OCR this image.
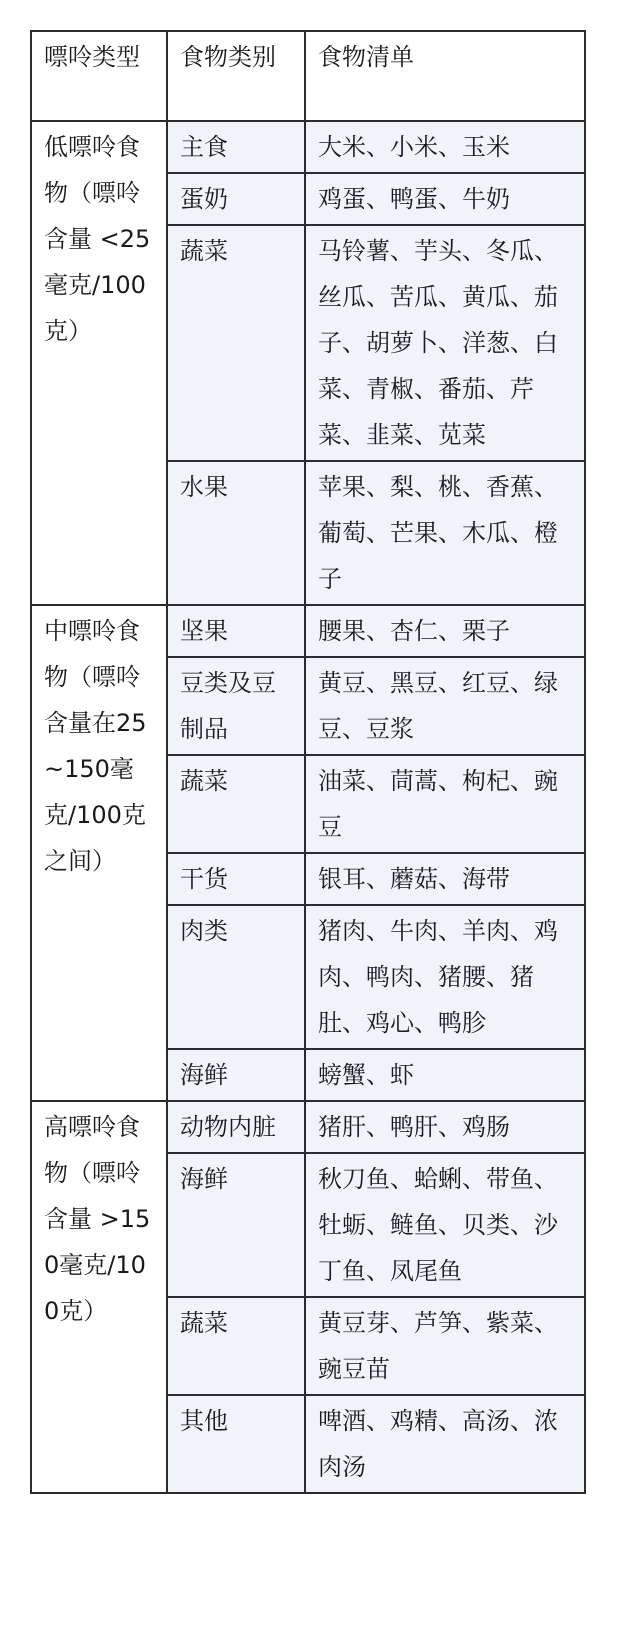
嘌呤类型	食物类别	食物清单
低嘌呤食物（嘌呤含量 <25毫克/100克）	主食	大米、小米、玉米
	蛋奶	鸡蛋、鸭蛋、牛奶
	蔬菜	马铃薯、芋头、冬瓜、丝瓜、苦瓜、黄瓜、茄子、胡萝卜、洋葱、白菜、青椒、番茄、芹菜、韭菜、苋菜
	水果	苹果、梨、桃、香蕉、葡萄、芒果、木瓜、橙子
中嘌呤食物（嘌呤含量在25~150毫克/100克之间）	坚果	腰果、杏仁、栗子
	豆类及豆制品	黄豆、黑豆、红豆、绿豆、豆浆
	蔬菜	油菜、茼蒿、枸杞、豌豆
	干货	银耳、蘑菇、海带
	肉类	猪肉、牛肉、羊肉、鸡肉、鸭肉、猪腰、猪肚、鸡心、鸭胗
	海鲜	螃蟹、虾
高嘌呤食物（嘌呤含量 >150毫克/100克）	动物内脏	猪肝、鸭肝、鸡肠
	海鲜	秋刀鱼、蛤蜊、带鱼、牡蛎、鲢鱼、贝类、沙丁鱼、凤尾鱼
	蔬菜	黄豆芽、芦笋、紫菜、豌豆苗
	其他	啤酒、鸡精、高汤、浓肉汤
